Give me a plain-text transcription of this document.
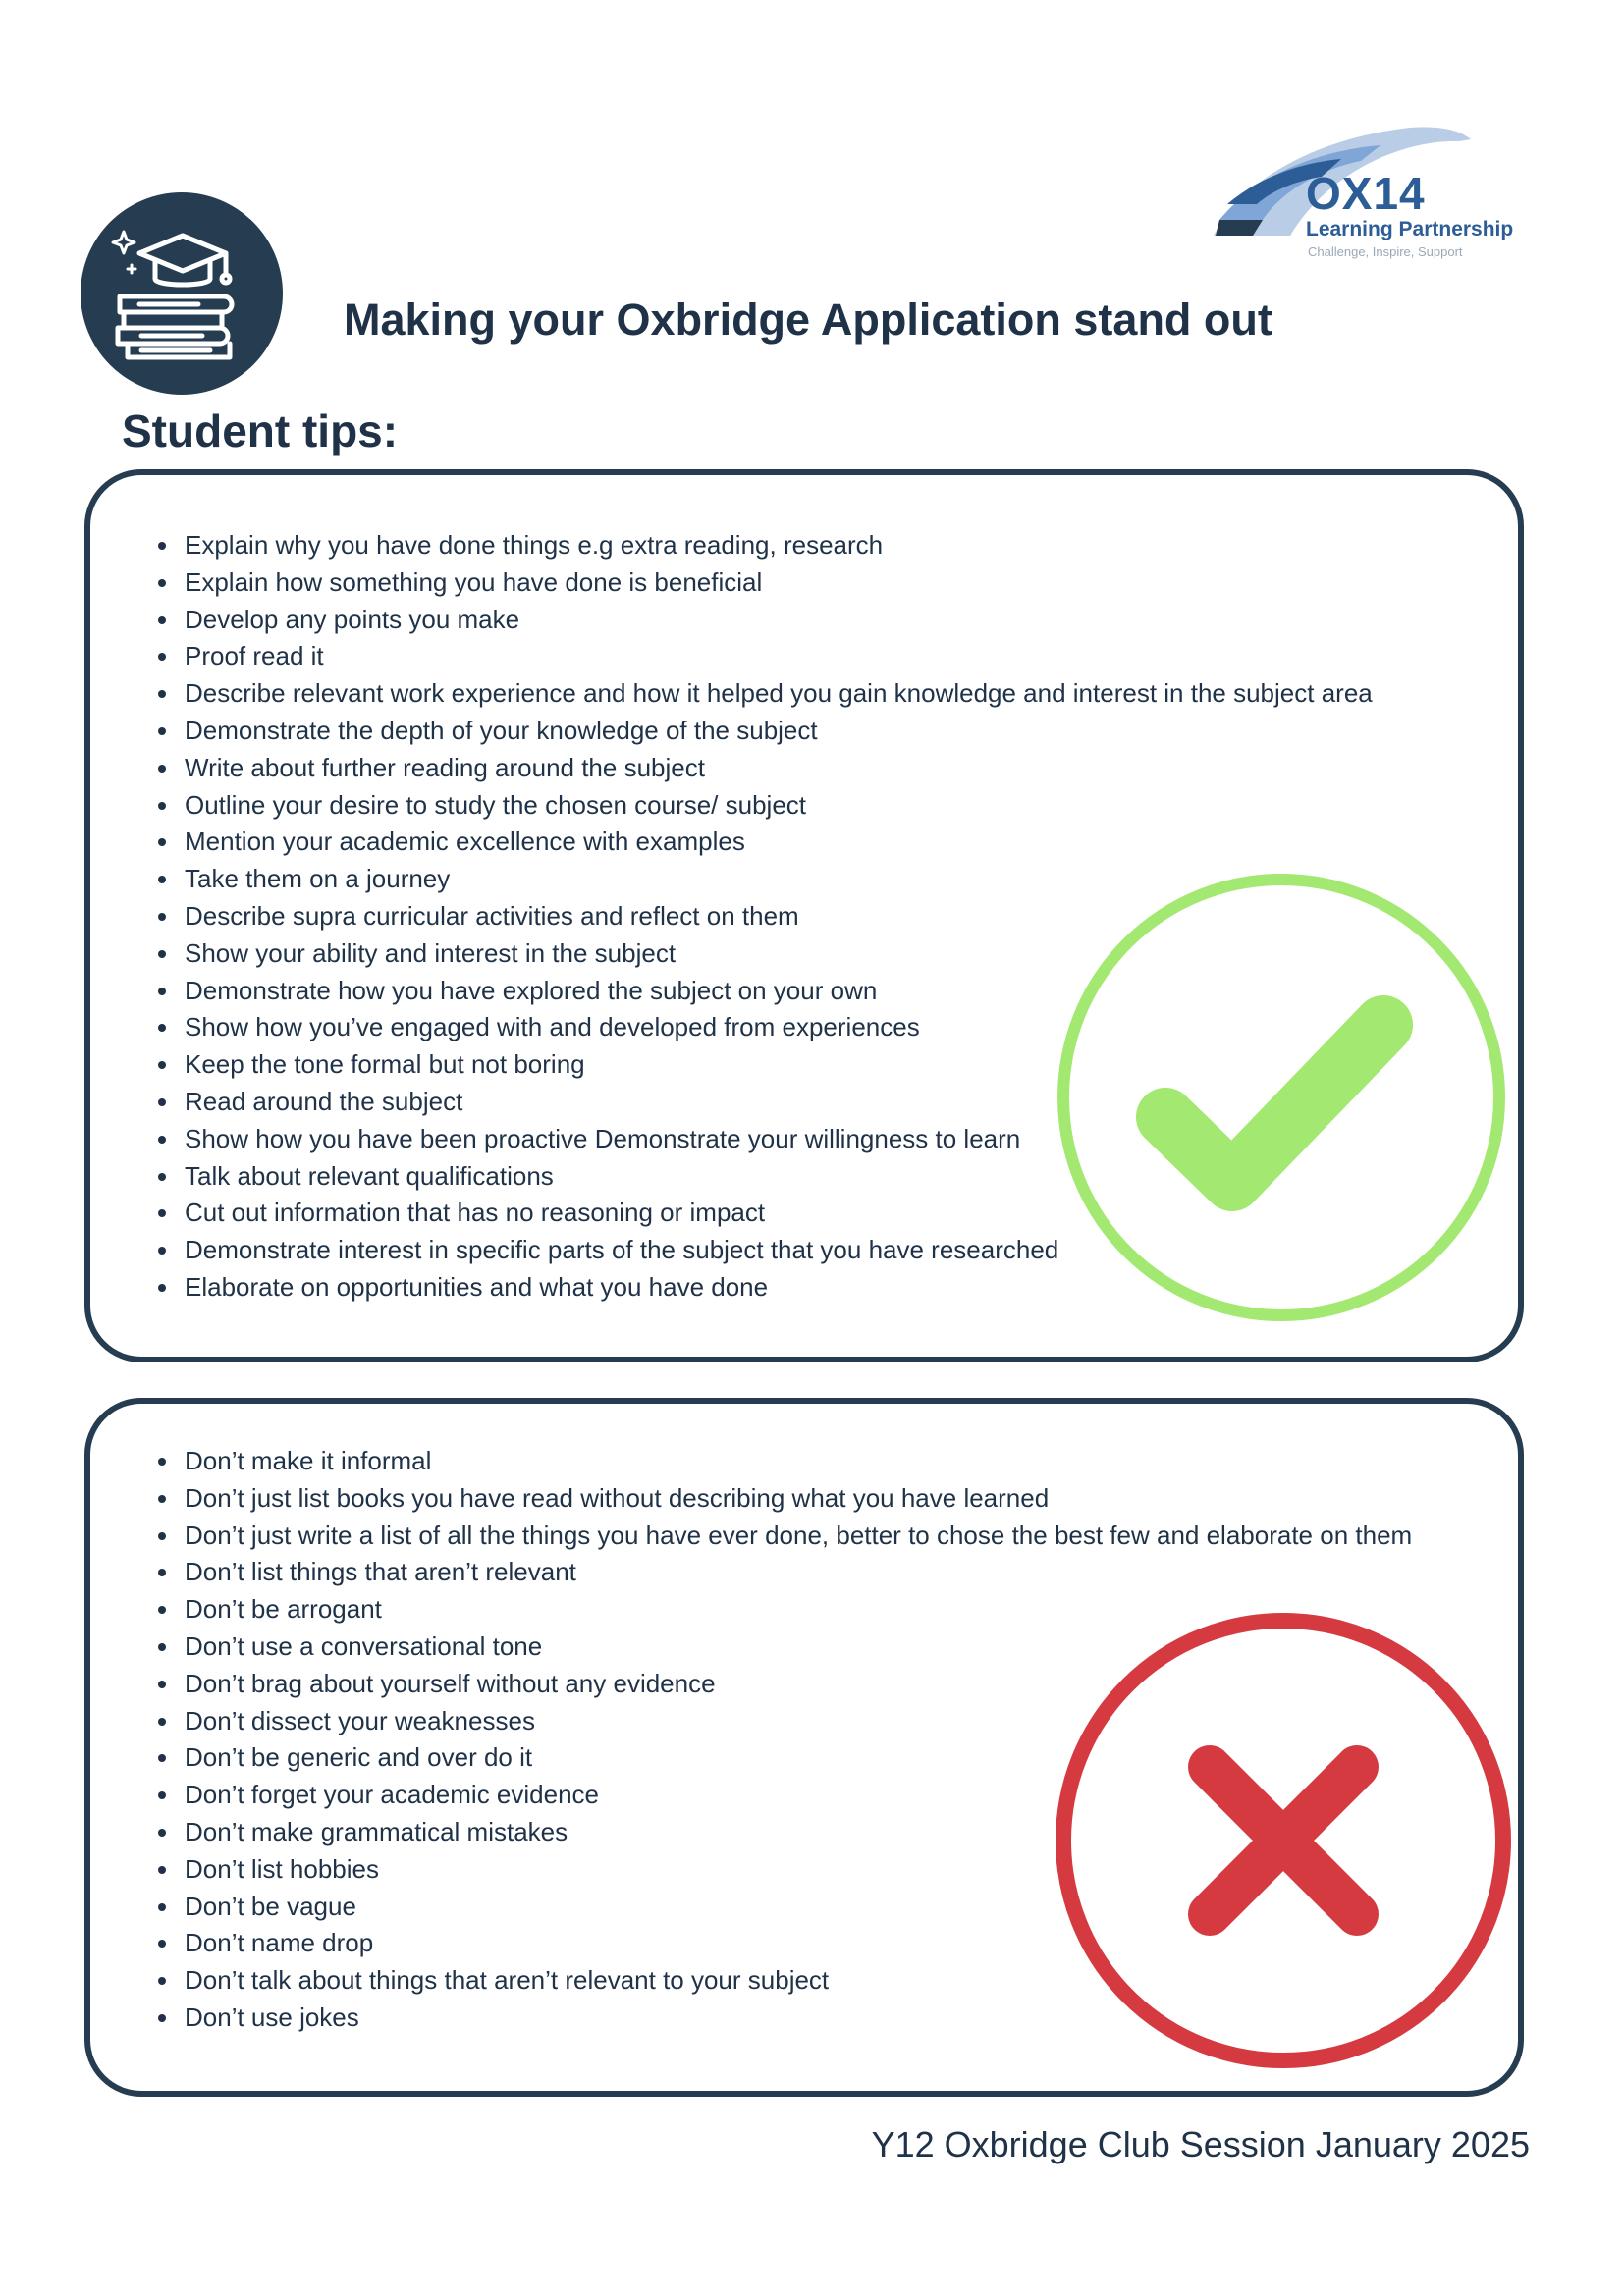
OX14
Learning Partnership
Challenge, Inspire, Support
Making your Oxbridge Application stand out
Student tips:
• Explain why you have done things e.g extra reading, research
• Explain how something you have done is beneficial
• Develop any points you make
• Proof read it
• Describe relevant work experience and how it helped you gain knowledge and interest in the subject area
• Demonstrate the depth of your knowledge of the subject
• Write about further reading around the subject
• Outline your desire to study the chosen course/ subject
• Mention your academic excellence with examples
• Take them on a journey
• Describe supra curricular activities and reflect on them
• Show your ability and interest in the subject
• Demonstrate how you have explored the subject on your own
• Show how you’ve engaged with and developed from experiences
• Keep the tone formal but not boring
• Read around the subject
• Show how you have been proactive Demonstrate your willingness to learn
• Talk about relevant qualifications
• Cut out information that has no reasoning or impact
• Demonstrate interest in specific parts of the subject that you have researched
• Elaborate on opportunities and what you have done
• Don’t make it informal
• Don’t just list books you have read without describing what you have learned
• Don’t just write a list of all the things you have ever done, better to chose the best few and elaborate on them
• Don’t list things that aren’t relevant
• Don’t be arrogant
• Don’t use a conversational tone
• Don’t brag about yourself without any evidence
• Don’t dissect your weaknesses
• Don’t be generic and over do it
• Don’t forget your academic evidence
• Don’t make grammatical mistakes
• Don’t list hobbies
• Don’t be vague
• Don’t name drop
• Don’t talk about things that aren’t relevant to your subject
• Don’t use jokes
Y12 Oxbridge Club Session January 2025
